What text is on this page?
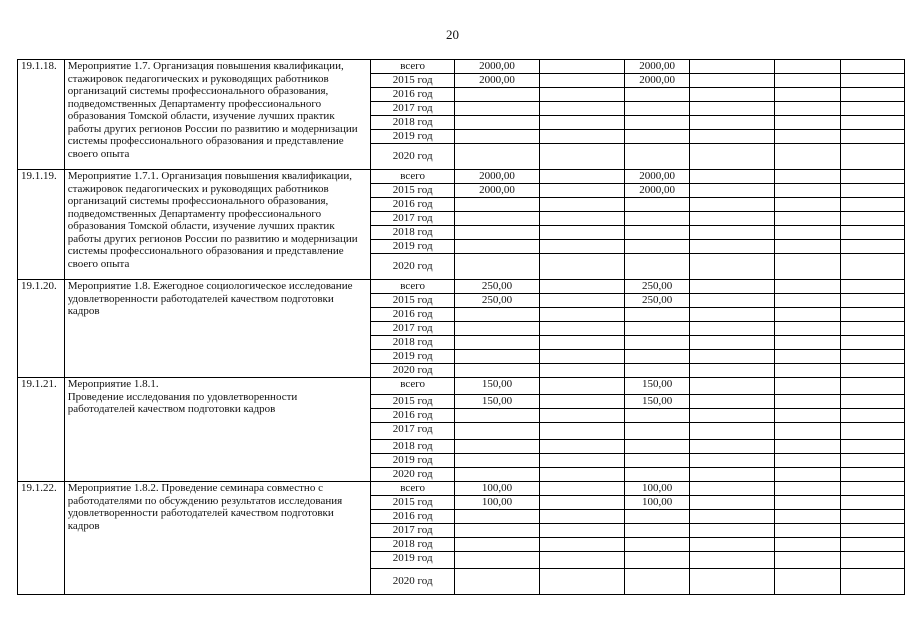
20
19.1.18.	Мероприятие 1.7. Организация повышения квалификации, стажировок педагогических и руководящих работников организаций системы профессионального образования, подведомственных Департаменту профессионального образования Томской области, изучение лучших практик работы других регионов России по развитию и модернизации системы профессионального образования и представление своего опыта	всего	2000,00		2000,00			
		2015 год	2000,00		2000,00			
		2016 год						
		2017 год						
		2018 год						
		2019 год						
		2020 год						
19.1.19.	Мероприятие 1.7.1. Организация повышения квалификации, стажировок педагогических и руководящих работников организаций системы профессионального образования, подведомственных Департаменту профессионального образования Томской области, изучение лучших практик работы других регионов России по развитию и модернизации системы профессионального образования и представление своего опыта	всего	2000,00		2000,00			
		2015 год	2000,00		2000,00			
		2016 год						
		2017 год						
		2018 год						
		2019 год						
		2020 год						
19.1.20.	Мероприятие 1.8. Ежегодное социологическое исследование удовлетворенности работодателей качеством подготовки кадров	всего	250,00		250,00			
		2015 год	250,00		250,00			
		2016 год						
		2017 год						
		2018 год						
		2019 год						
		2020 год						
19.1.21.	Мероприятие 1.8.1.
Проведение исследования по удовлетворенности работодателей качеством подготовки кадров	всего	150,00		150,00			
		2015 год	150,00		150,00			
		2016 год						
		2017 год						
		2018 год						
		2019 год						
		2020 год						
19.1.22.	Мероприятие 1.8.2. Проведение семинара совместно с работодателями по обсуждению результатов исследования удовлетворенности работодателей качеством подготовки кадров	всего	100,00		100,00			
		2015 год	100,00		100,00			
		2016 год						
		2017 год						
		2018 год						
		2019 год						
		2020 год						
